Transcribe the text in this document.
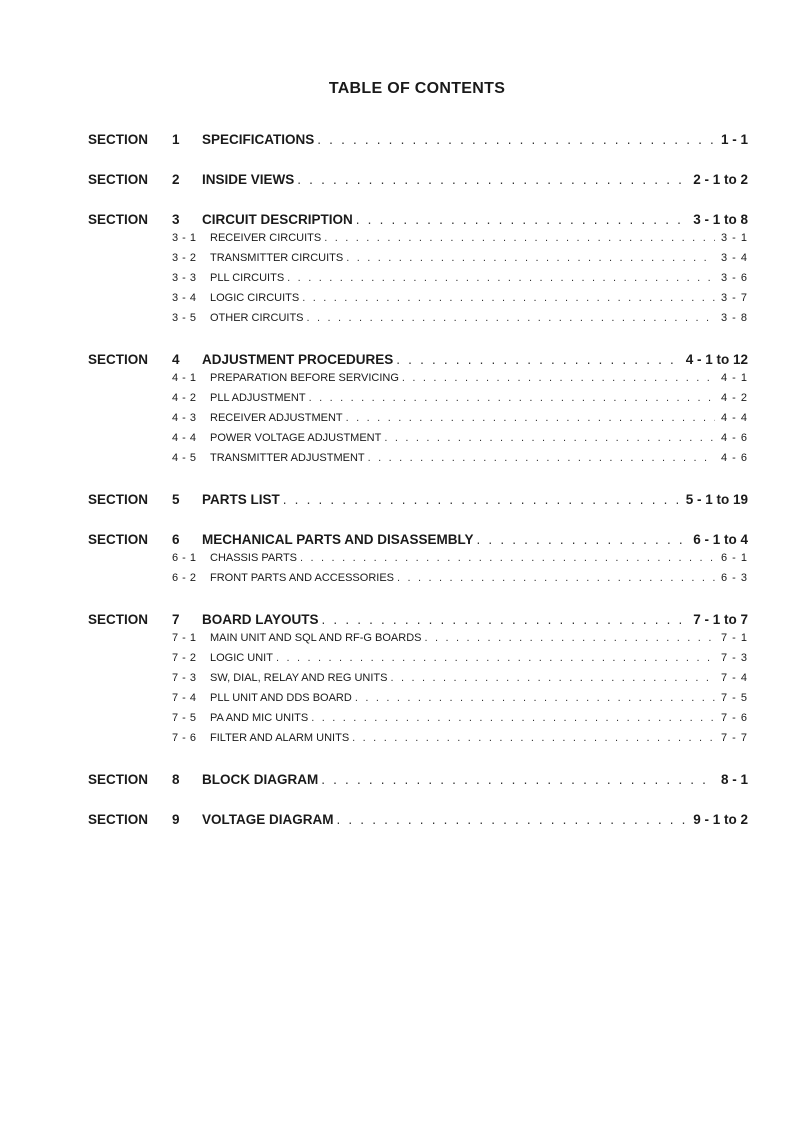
TABLE OF CONTENTS
SECTION	1	SPECIFICATIONS . . .	1 - 1
SECTION	2	INSIDE VIEWS . . .	2 - 1 to 2
SECTION	3	CIRCUIT DESCRIPTION . . .	3 - 1 to 8
3 - 1	RECEIVER CIRCUITS . . .	3 - 1
3 - 2	TRANSMITTER CIRCUITS . . .	3 - 4
3 - 3	PLL CIRCUITS . . .	3 - 6
3 - 4	LOGIC CIRCUITS . . .	3 - 7
3 - 5	OTHER CIRCUITS . . .	3 - 8
SECTION	4	ADJUSTMENT PROCEDURES . . .	4 - 1 to 12
4 - 1	PREPARATION BEFORE SERVICING . . .	4 - 1
4 - 2	PLL ADJUSTMENT . . .	4 - 2
4 - 3	RECEIVER ADJUSTMENT . . .	4 - 4
4 - 4	POWER VOLTAGE ADJUSTMENT . . .	4 - 6
4 - 5	TRANSMITTER ADJUSTMENT . . .	4 - 6
SECTION	5	PARTS LIST . . .	5 - 1 to 19
SECTION	6	MECHANICAL PARTS AND DISASSEMBLY . . .	6 - 1 to 4
6 - 1	CHASSIS PARTS . . .	6 - 1
6 - 2	FRONT PARTS AND ACCESSORIES . . .	6 - 3
SECTION	7	BOARD LAYOUTS . . .	7 - 1 to 7
7 - 1	MAIN UNIT AND SQL AND RF-G BOARDS . . .	7 - 1
7 - 2	LOGIC UNIT . . .	7 - 3
7 - 3	SW, DIAL, RELAY AND REG UNITS . . .	7 - 4
7 - 4	PLL UNIT AND DDS BOARD . . .	7 - 5
7 - 5	PA AND MIC UNITS . . .	7 - 6
7 - 6	FILTER AND ALARM UNITS . . .	7 - 7
SECTION	8	BLOCK DIAGRAM . . .	8 - 1
SECTION	9	VOLTAGE DIAGRAM . . .	9 - 1 to 2
